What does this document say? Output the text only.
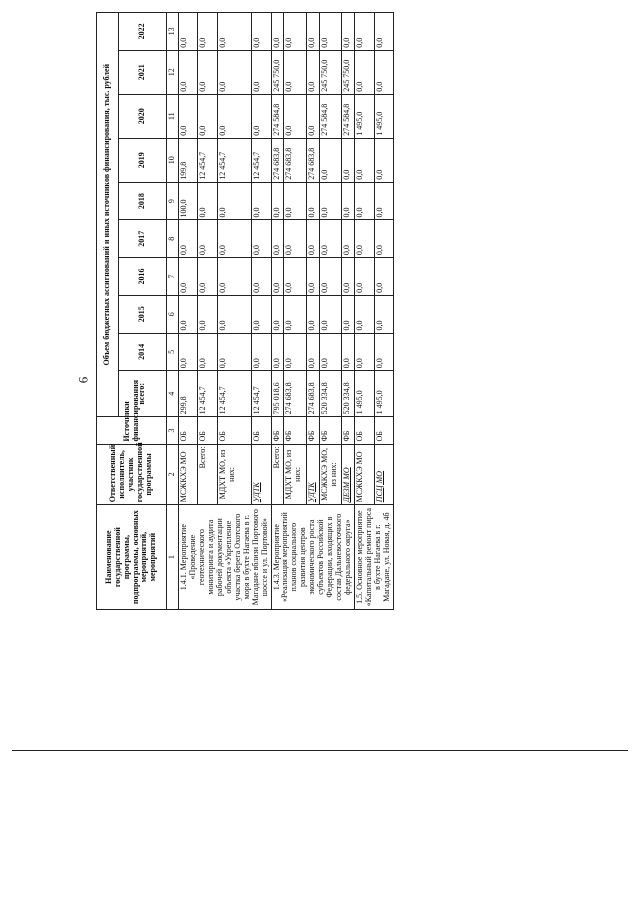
6
Наименование государственной программы, подпрограммы, основных мероприятий, мероприятий	Ответственный исполнитель, участник государственной программы	Источники финансирования	Объем бюджетных ассигнований и иных источников финансирования, тыс. рублей									
			всего:	2014	2015	2016	2017	2018	2019	2020	2021	2022
1	2	3	4	5	6	7	8	9	10	11	12	13
1.4.1. Мероприятие «Проведение геотехнического мониторинга и аудита рабочей документации объекта «Укрепление участка берега Охотского моря в бухте Нагаева в г. Магадане вблизи Портового шоссе и ул. Портовой»	МСЖКХЭ МО	ОБ	299,8	0,0	0,0	0,0	0,0	100,0	199,8	0,0	0,0	0,0
	Всего:	ОБ	12 454,7	0,0	0,0	0,0	0,0	0,0	12 454,7	0,0	0,0	0,0
	МДХТ МО, из них:	ОБ	12 454,7	0,0	0,0	0,0	0,0	0,0	12 454,7	0,0	0,0	0,0
	УДТК	ОБ	12 454,7	0,0	0,0	0,0	0,0	0,0	12 454,7	0,0	0,0	0,0
1.4.3. Мероприятие «Реализация мероприятий планов социального развития центров экономического роста субъектов Российской Федерации, входящих в состав Дальневосточного федерального округа»	Всего:	ФБ	795 018,6	0,0	0,0	0,0	0,0	0,0	274 683,8	274 584,8	245 750,0	0,0
	МДХТ МО, из них:	ФБ	274 683,8	0,0	0,0	0,0	0,0	0,0	274 683,8	0,0	0,0	0,0
	УДТК	ФБ	274 683,8	0,0	0,0	0,0	0,0	0,0	274 683,8	0,0	0,0	0,0
	МСЖКХЭ МО, из них:	ФБ	520 334,8	0,0	0,0	0,0	0,0	0,0	0,0	274 584,8	245 750,0	0,0
	ДЕЗМ МО	ФБ	520 334,8	0,0	0,0	0,0	0,0	0,0	0,0	274 584,8	245 750,0	0,0
1.5. Основное мероприятие «Капитальный ремонт пирса в бухте Нагаева в г. Магадане, ул. Новая, д. 4б	МСЖКХЭ МО	ОБ	1 495,0	0,0	0,0	0,0	0,0	0,0	0,0	1 495,0	0,0	0,0
	ПСЦ МО	ОБ	1 495,0	0,0	0,0	0,0	0,0	0,0	0,0	1 495,0	0,0	0,0
